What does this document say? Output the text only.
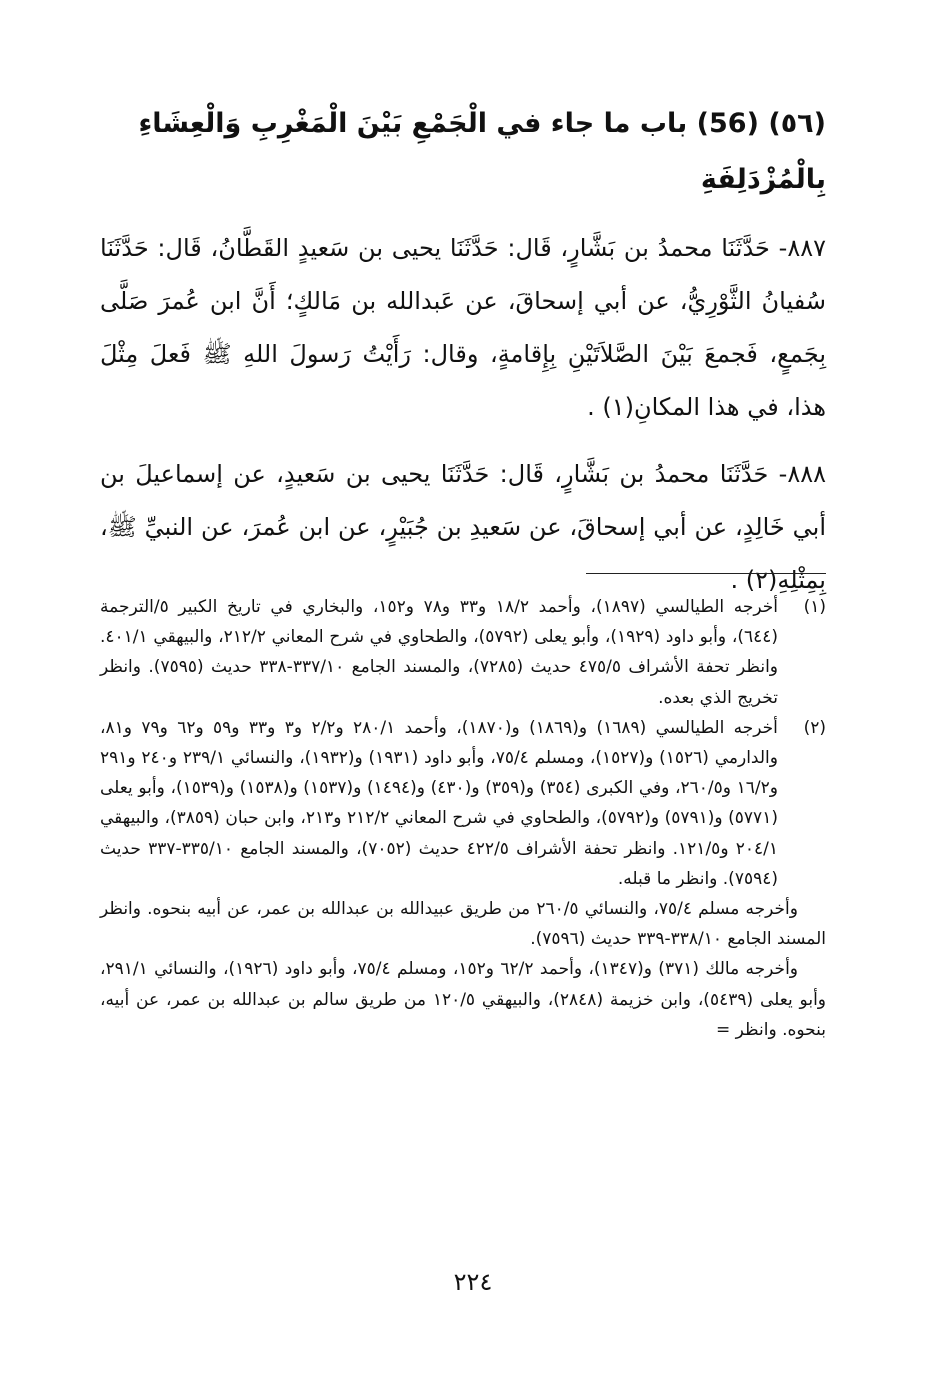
(٥٦) (56) باب ما جاء في الْجَمْعِ بَيْنَ الْمَغْرِبِ وَالْعِشَاءِ بِالْمُزْدَلِفَةِ

٨٨٧- حَدَّثَنَا محمدُ بن بَشَّارٍ، قَال: حَدَّثَنَا يحيى بن سَعيدٍ القَطَّانُ، قَال: حَدَّثَنَا سُفيانُ الثَّوْرِيُّ، عن أبي إسحاقَ، عن عَبدالله بن مَالكٍ؛ أَنَّ ابن عُمرَ صَلَّى بِجَمعٍ، فَجمعَ بَيْنَ الصَّلاَتَيْنِ بِإِقامةٍ، وقال: رَأَيْتُ رَسولَ اللهِ ﷺ فَعلَ مِثْلَ هذا، في هذا المكانِ(١) .

٨٨٨- حَدَّثَنَا محمدُ بن بَشَّارٍ، قَال: حَدَّثَنَا يحيى بن سَعيدٍ، عن إسماعيلَ بن أبي خَالِدٍ، عن أبي إسحاقَ، عن سَعيدِ بن جُبَيْرٍ، عن ابن عُمرَ، عن النبيِّ ﷺ، بِمِثْلِهِ(٢) .

(١)
أخرجه الطيالسي (١٨٩٧)، وأحمد ١٨/٢ و٣٣ و٧٨ و١٥٢، والبخاري في تاريخ الكبير ٥/الترجمة (٦٤٤)، وأبو داود (١٩٢٩)، وأبو يعلى (٥٧٩٢)، والطحاوي في شرح المعاني ٢١٢/٢، والبيهقي ٤٠١/١. وانظر تحفة الأشراف ٤٧٥/٥ حديث (٧٢٨٥)، والمسند الجامع ٣٣٧/١٠-٣٣٨ حديث (٧٥٩٥). وانظر تخريج الذي بعده.
(٢)
أخرجه الطيالسي (١٦٨٩) و(١٨٦٩) و(١٨٧٠)، وأحمد ٢٨٠/١ و٢/٢ و٣ و٣٣ و٥٩ و٦٢ و٧٩ و٨١، والدارمي (١٥٢٦) و(١٥٢٧)، ومسلم ٧٥/٤، وأبو داود (١٩٣١) و(١٩٣٢)، والنسائي ٢٣٩/١ و٢٤٠ و٢٩١ و١٦/٢ و٢٦٠/٥، وفي الكبرى (٣٥٤) و(٣٥٩) و(٤٣٠) و(١٤٩٤) و(١٥٣٧) و(١٥٣٨) و(١٥٣٩)، وأبو يعلى (٥٧٧١) و(٥٧٩١) و(٥٧٩٢)، والطحاوي في شرح المعاني ٢١٢/٢ و٢١٣، وابن حبان (٣٨٥٩)، والبيهقي ٢٠٤/١ و١٢١/٥. وانظر تحفة الأشراف ٤٢٢/٥ حديث (٧٠٥٢)، والمسند الجامع ٣٣٥/١٠-٣٣٧ حديث (٧٥٩٤). وانظر ما قبله.
وأخرجه مسلم ٧٥/٤، والنسائي ٢٦٠/٥ من طريق عبيدالله بن عبدالله بن عمر، عن أبيه بنحوه. وانظر المسند الجامع ٣٣٨/١٠-٣٣٩ حديث (٧٥٩٦).
وأخرجه مالك (٣٧١) و(١٣٤٧)، وأحمد ٦٢/٢ و١٥٢، ومسلم ٧٥/٤، وأبو داود (١٩٢٦)، والنسائي ٢٩١/١، وأبو يعلى (٥٤٣٩)، وابن خزيمة (٢٨٤٨)، والبيهقي ١٢٠/٥ من طريق سالم بن عبدالله بن عمر، عن أبيه، بنحوه. وانظر =
٢٢٤
